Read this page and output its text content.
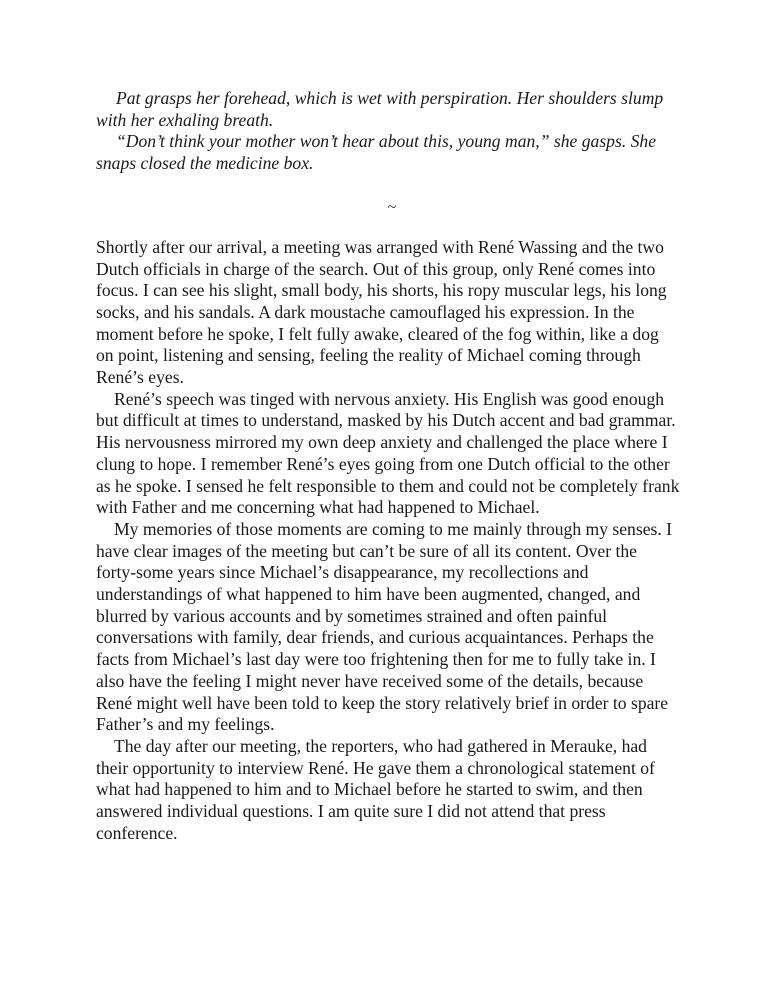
Pat grasps her forehead, which is wet with perspiration. Her shoulders slump with her exhaling breath.

“Don’t think your mother won’t hear about this, young man,” she gasps. She snaps closed the medicine box.

~

Shortly after our arrival, a meeting was arranged with René Wassing and the two Dutch officials in charge of the search. Out of this group, only René comes into focus. I can see his slight, small body, his shorts, his ropy muscular legs, his long socks, and his sandals. A dark moustache camouflaged his expression. In the moment before he spoke, I felt fully awake, cleared of the fog within, like a dog on point, listening and sensing, feeling the reality of Michael coming through René’s eyes.

René’s speech was tinged with nervous anxiety. His English was good enough but difficult at times to understand, masked by his Dutch accent and bad grammar. His nervousness mirrored my own deep anxiety and challenged the place where I clung to hope. I remember René’s eyes going from one Dutch official to the other as he spoke. I sensed he felt responsible to them and could not be completely frank with Father and me concerning what had happened to Michael.

My memories of those moments are coming to me mainly through my senses. I have clear images of the meeting but can’t be sure of all its content. Over the forty-some years since Michael’s disappearance, my recollections and understandings of what happened to him have been augmented, changed, and blurred by various accounts and by sometimes strained and often painful conversations with family, dear friends, and curious acquaintances. Perhaps the facts from Michael’s last day were too frightening then for me to fully take in. I also have the feeling I might never have received some of the details, because René might well have been told to keep the story relatively brief in order to spare Father’s and my feelings.

The day after our meeting, the reporters, who had gathered in Merauke, had their opportunity to interview René. He gave them a chronological statement of what had happened to him and to Michael before he started to swim, and then answered individual questions. I am quite sure I did not attend that press conference.
